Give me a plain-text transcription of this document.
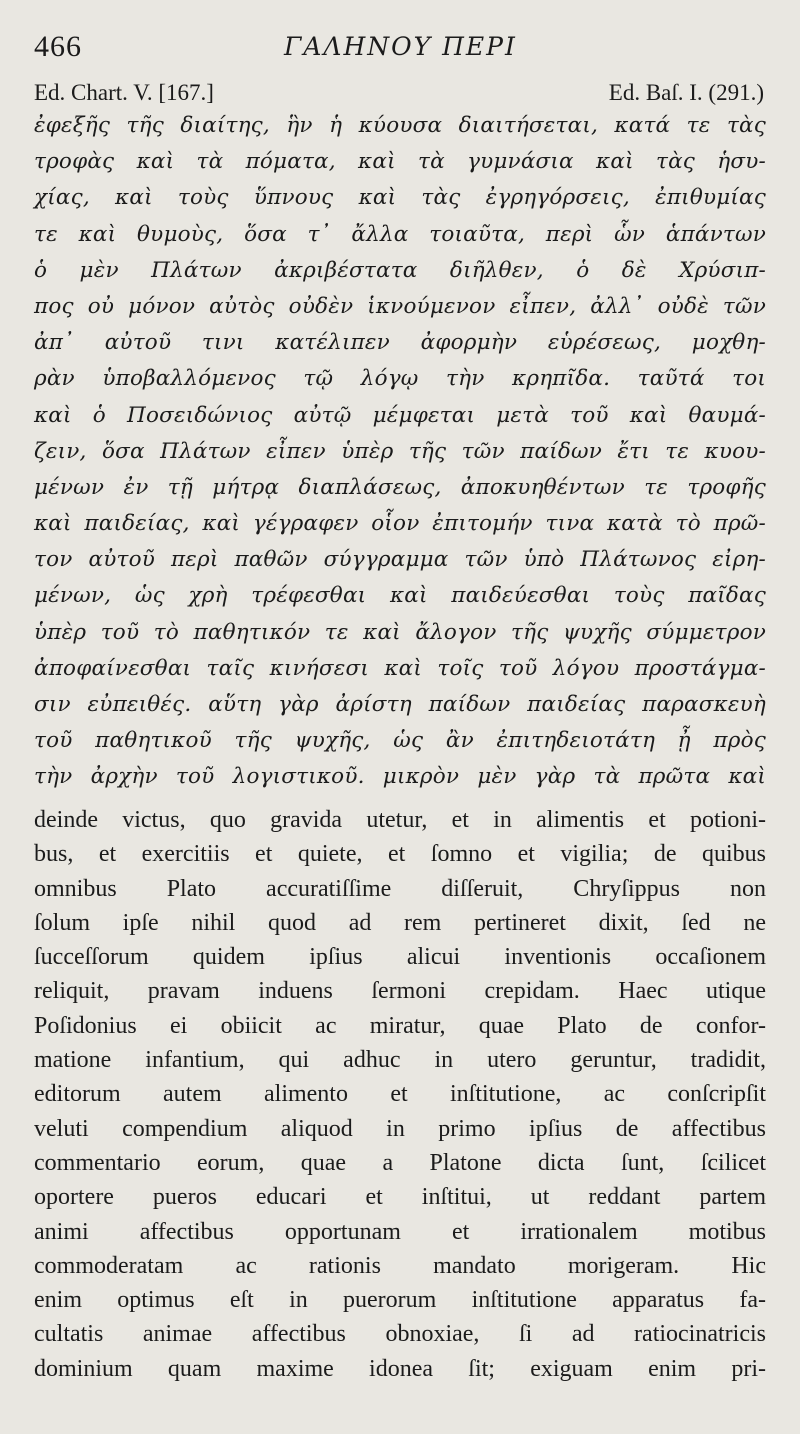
466	ΓΑΛΗΝΟΥ ΠΕΡΙ
Ed. Chart. V. [167.]	Ed. Baſ. I. (291.)
ἐφεξῆς τῆς διαίτης, ἣν ἡ κύουσα διαιτήσεται, κατά τε τὰς
τροφὰς καὶ τὰ πόματα, καὶ τὰ γυμνάσια καὶ τὰς ἡσυ-
χίας, καὶ τοὺς ὕπνους καὶ τὰς ἐγρηγόρσεις, ἐπιθυμίας
τε καὶ θυμοὺς, ὅσα τ᾽ ἄλλα τοιαῦτα, περὶ ὧν ἁπάντων
ὁ μὲν Πλάτων ἀκριβέστατα διῆλθεν, ὁ δὲ Χρύσιπ-
πος οὐ μόνον αὐτὸς οὐδὲν ἱκνούμενον εἶπεν, ἀλλ᾽ οὐδὲ τῶν
ἀπ᾽ αὐτοῦ τινι κατέλιπεν ἀφορμὴν εὑρέσεως, μοχθη-
ρὰν ὑποβαλλόμενος τῷ λόγῳ τὴν κρηπῖδα. ταῦτά τοι
καὶ ὁ Ποσειδώνιος αὐτῷ μέμφεται μετὰ τοῦ καὶ θαυμά-
ζειν, ὅσα Πλάτων εἶπεν ὑπὲρ τῆς τῶν παίδων ἔτι τε κυου-
μένων ἐν τῇ μήτρᾳ διαπλάσεως, ἀποκυηθέντων τε τροφῆς
καὶ παιδείας, καὶ γέγραφεν οἷον ἐπιτομήν τινα κατὰ τὸ πρῶ-
τον αὐτοῦ περὶ παθῶν σύγγραμμα τῶν ὑπὸ Πλάτωνος εἰρη-
μένων, ὡς χρὴ τρέφεσθαι καὶ παιδεύεσθαι τοὺς παῖδας
ὑπὲρ τοῦ τὸ παθητικόν τε καὶ ἄλογον τῆς ψυχῆς σύμμετρον
ἀποφαίνεσθαι ταῖς κινήσεσι καὶ τοῖς τοῦ λόγου προστάγμα-
σιν εὐπειθές. αὕτη γὰρ ἀρίστη παίδων παιδείας παρασκευὴ
τοῦ παθητικοῦ τῆς ψυχῆς, ὡς ἂν ἐπιτηδειοτάτη ᾖ πρὸς
τὴν ἀρχὴν τοῦ λογιστικοῦ. μικρὸν μὲν γὰρ τὰ πρῶτα καὶ
deinde victus, quo gravida utetur, et in alimentis et potioni-
bus, et exercitiis et quiete, et ſomno et vigilia; de quibus
omnibus Plato accuratiſſime diſſeruit, Chryſippus non
ſolum ipſe nihil quod ad rem pertineret dixit, ſed ne
ſucceſſorum quidem ipſius alicui inventionis occaſionem
reliquit, pravam induens ſermoni crepidam. Haec utique
Poſidonius ei obiicit ac miratur, quae Plato de confor-
matione infantium, qui adhuc in utero geruntur, tradidit,
editorum autem alimento et inſtitutione, ac conſcripſit
veluti compendium aliquod in primo ipſius de affectibus
commentario eorum, quae a Platone dicta ſunt, ſcilicet
oportere pueros educari et inſtitui, ut reddant partem
animi affectibus opportunam et irrationalem motibus
commoderatam ac rationis mandato morigeram. Hic
enim optimus eſt in puerorum inſtitutione apparatus fa-
cultatis animae affectibus obnoxiae, ſi ad ratiocinatricis
dominium quam maxime idonea ſit; exiguam enim pri-
